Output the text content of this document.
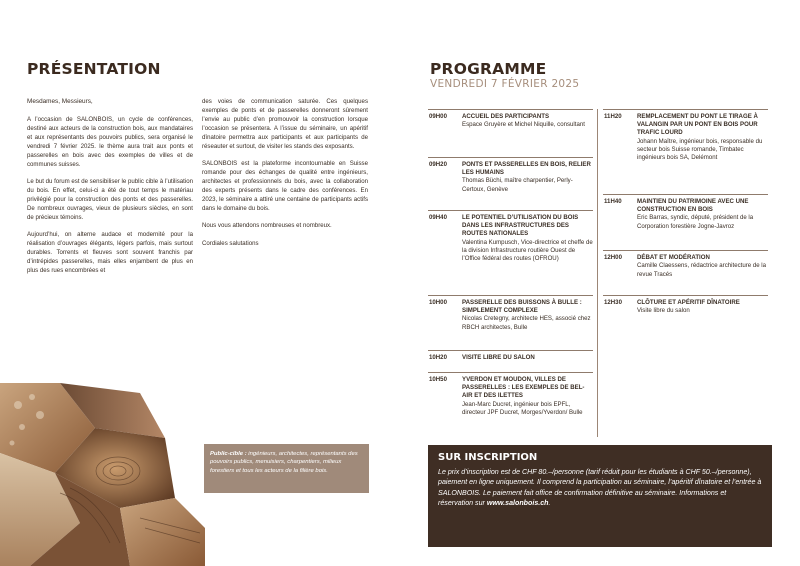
PRÉSENTATION
Mesdames, Messieurs,

A l’occasion de SALONBOIS, un cycle de conférences, destiné aux acteurs de la construction bois, aux mandataires et aux représentants des pouvoirs publics, sera organisé le vendredi 7 février 2025. le thème aura trait aux ponts et passerelles en bois avec des exemples de villes et de communes suisses.

Le but du forum est de sensibiliser le public cible à l’utilisation du bois. En effet, celui-ci a été de tout temps le matériau privilégié pour la construction des ponts et des passerelles. De nombreux ouvrages, vieux de plusieurs siècles, en sont de précieux témoins.

Aujourd’hui, on alterne audace et modernité pour la réalisation d’ouvrages élégants, légers parfois, mais surtout durables. Torrents et fleuves sont souvent franchis par d’intrépides passerelles, mais elles enjambent de plus en plus des rues encombrées et

des voies de communication saturée. Ces quelques exemples de ponts et de passerelles donneront sûrement l’envie au public d’en promouvoir la construction lorsque l’occasion se présentera. A l’issue du séminaire, un apéritif dînatoire permettra aux participants et aux participants de réseauter et surtout, de visiter les stands des exposants.

SALONBOIS est la plateforme incontournable en Suisse romande pour des échanges de qualité entre ingénieurs, architectes et professionnels du bois, avec la collaboration des experts présents dans le cadre des conférences. En 2023, le séminaire a attiré une centaine de participants actifs dans le domaine du bois.

Nous vous attendons nombreuses et nombreux.

Cordiales salutations

Public-cible : ingénieurs, architectes, représentants des pouvoirs publics, menuisiers, charpentiers, milieux forestiers et tous les acteurs de la filière bois.
PROGRAMME
VENDREDI 7 FÉVRIER 2025
09H00 ACCUEIL DES PARTICIPANTS
Espace Gruyère et Michel Niquille, consultant
09H20 PONTS ET PASSERELLES EN BOIS, RELIER LES HUMAINS
Thomas Büchi, maître charpentier, Perly-Certoux, Genève
09H40 LE POTENTIEL D’UTILISATION DU BOIS DANS LES INFRASTRUCTURES DES ROUTES NATIONALES
Valentina Kumpusch, Vice-directrice et cheffe de la division Infrastructure routière Ouest de l’Office fédéral des routes (OFROU)
10H00 PASSERELLE DES BUISSONS À BULLE : SIMPLEMENT COMPLEXE
Nicolas Cretegny, architecte HES, associé chez RBCH architectes, Bulle
10H20 VISITE LIBRE DU SALON
10H50 YVERDON ET MOUDON, VILLES DE PASSERELLES : LES EXEMPLES DE BEL-AIR ET DES ILETTES
Jean-Marc Ducret, ingénieur bois EPFL, directeur JPF Ducret, Morges/Yverdon/ Bulle
11H20	REMPLACEMENT DU PONT LE TIRAGE À VALANGIN PAR UN PONT EN BOIS POUR TRAFIC LOURD
Johann Maître, ingénieur bois, responsable du secteur bois Suisse romande, Timbatec ingénieurs bois SA, Delémont
11H40	MAINTIEN DU PATRIMOINE AVEC UNE CONSTRUCTION EN BOIS
Eric Barras, syndic, député, président de la Corporation forestière Jogne-Javroz
12H00 DÉBAT ET MODÉRATION
Camille Claessens, rédactrice architecture de la revue Tracés
12H30 CLÔTURE ET APÉRITIF DÎNATOIRE
Visite libre du salon
SUR INSCRIPTION
Le prix d’inscription est de CHF 80.–/personne (tarif réduit pour les étudiants à CHF 50.–/personne), paiement en ligne uniquement. Il comprend la participation au séminaire, l’apéritif dînatoire et l’entrée à SALONBOIS. Le paiement fait office de confirmation définitive au séminaire. Informations et réservation sur www.salonbois.ch.
